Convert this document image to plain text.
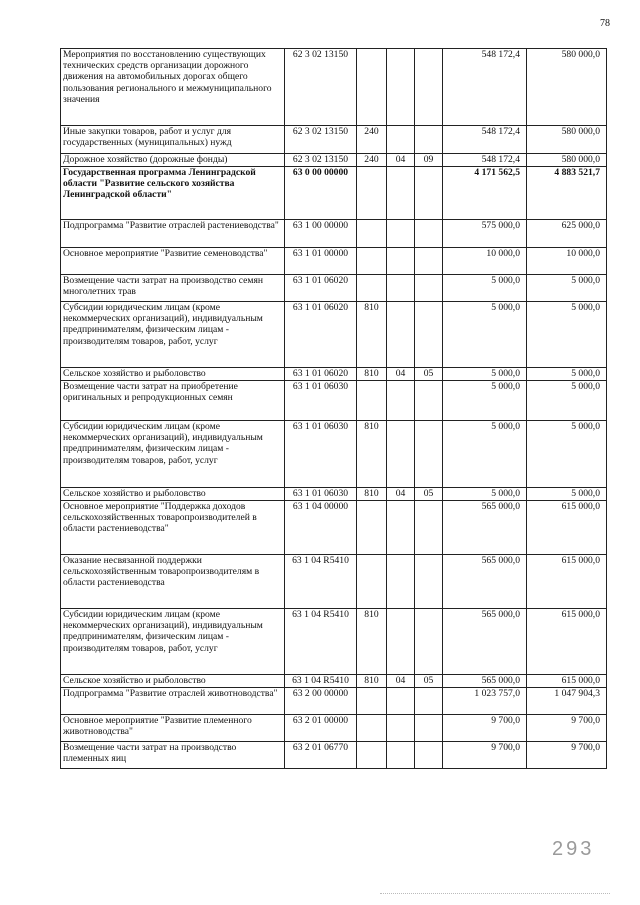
78
Мероприятия по восстановлению существующих технических средств организации дорожного движения на автомобильных дорогах общего пользования регионального и межмуниципального значения	62 3 02 13150				548 172,4	580 000,0
Иные закупки товаров, работ и услуг для государственных (муниципальных) нужд	62 3 02 13150	240			548 172,4	580 000,0
Дорожное хозяйство (дорожные фонды)	62 3 02 13150	240	04	09	548 172,4	580 000,0
Государственная программа Ленинградской области "Развитие сельского хозяйства Ленинградской области"	63 0 00 00000				4 171 562,5	4 883 521,7
Подпрограмма "Развитие отраслей растениеводства"	63 1 00 00000				575 000,0	625 000,0
Основное мероприятие "Развитие семеноводства"	63 1 01 00000				10 000,0	10 000,0
Возмещение части затрат на производство семян многолетних трав	63 1 01 06020				5 000,0	5 000,0
Субсидии юридическим лицам (кроме некоммерческих организаций), индивидуальным предпринимателям, физическим лицам - производителям товаров, работ, услуг	63 1 01 06020	810			5 000,0	5 000,0
Сельское хозяйство и рыболовство	63 1 01 06020	810	04	05	5 000,0	5 000,0
Возмещение части затрат на приобретение оригинальных и репродукционных семян	63 1 01 06030				5 000,0	5 000,0
Субсидии юридическим лицам (кроме некоммерческих организаций), индивидуальным предпринимателям, физическим лицам - производителям товаров, работ, услуг	63 1 01 06030	810			5 000,0	5 000,0
Сельское хозяйство и рыболовство	63 1 01 06030	810	04	05	5 000,0	5 000,0
Основное мероприятие "Поддержка доходов сельскохозяйственных товаропроизводителей в области растениеводства"	63 1 04 00000				565 000,0	615 000,0
Оказание несвязанной поддержки сельскохозяйственным товаропроизводителям в области растениеводства	63 1 04 R5410				565 000,0	615 000,0
Субсидии юридическим лицам (кроме некоммерческих организаций), индивидуальным предпринимателям, физическим лицам - производителям товаров, работ, услуг	63 1 04 R5410	810			565 000,0	615 000,0
Сельское хозяйство и рыболовство	63 1 04 R5410	810	04	05	565 000,0	615 000,0
Подпрограмма "Развитие отраслей животноводства"	63 2 00 00000				1 023 757,0	1 047 904,3
Основное мероприятие "Развитие племенного животноводства"	63 2 01 00000				9 700,0	9 700,0
Возмещение части затрат на производство племенных яиц	63 2 01 06770				9 700,0	9 700,0
293
